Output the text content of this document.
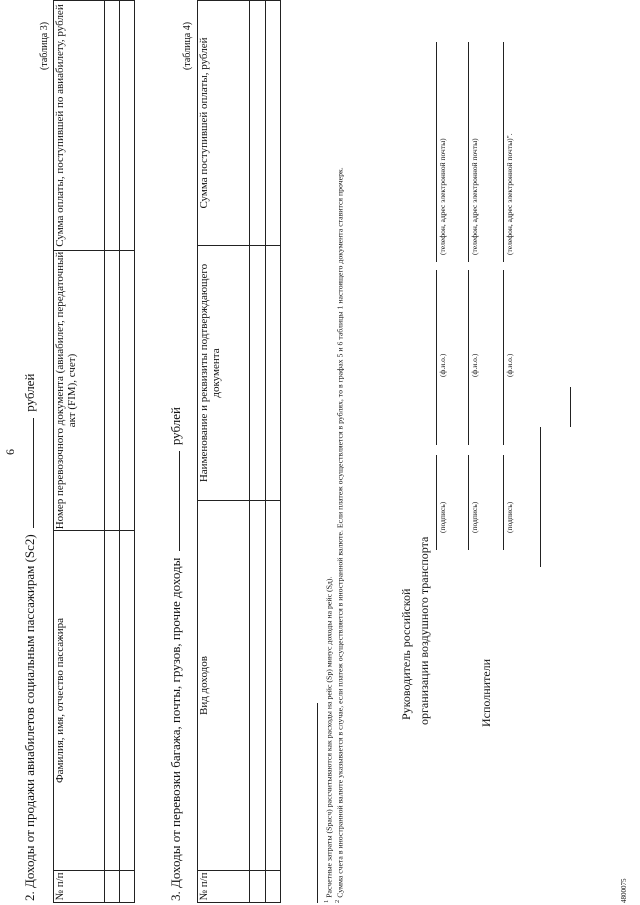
6
2. Доходы от продажи авиабилетов социальным пассажирам (Sc2)  рублей
(таблица 3)
№ п/п	Фамилия, имя, отчество пассажира	Номер перевозочного документа (авиабилет, передаточный акт (FIM), счет)	Сумма оплаты, поступившей по авиабилету, рублей

3. Доходы от перевозки багажа, почты, грузов, прочие доходы  рублей
(таблица 4)
№ п/п	Вид доходов	Наименование и реквизиты подтверждающего документа	Сумма поступившей оплаты, рублей

$^1$ Расчетные затраты (Spacч) рассчитываются как расходы на рейс (Sp) минус доходы на рейс (Sд).
$^2$ Сумма счета в иностранной валюте указывается в случае, если платеж осуществляется в иностранной валюте. Если платеж осуществляется в рублях, то в графах 5 и 6 таблицы 1 настоящего документа ставится прочерк.	Руководитель российской организации воздушного транспорта	Исполнители
(подпись)
(ф.и.о.)
(телефон, адрес электронной почты)
(подпись)
(ф.и.о.)
(телефон, адрес электронной почты)
(подпись)
(ф.и.о.)
(телефон, адрес электронной почты)".
4800075
